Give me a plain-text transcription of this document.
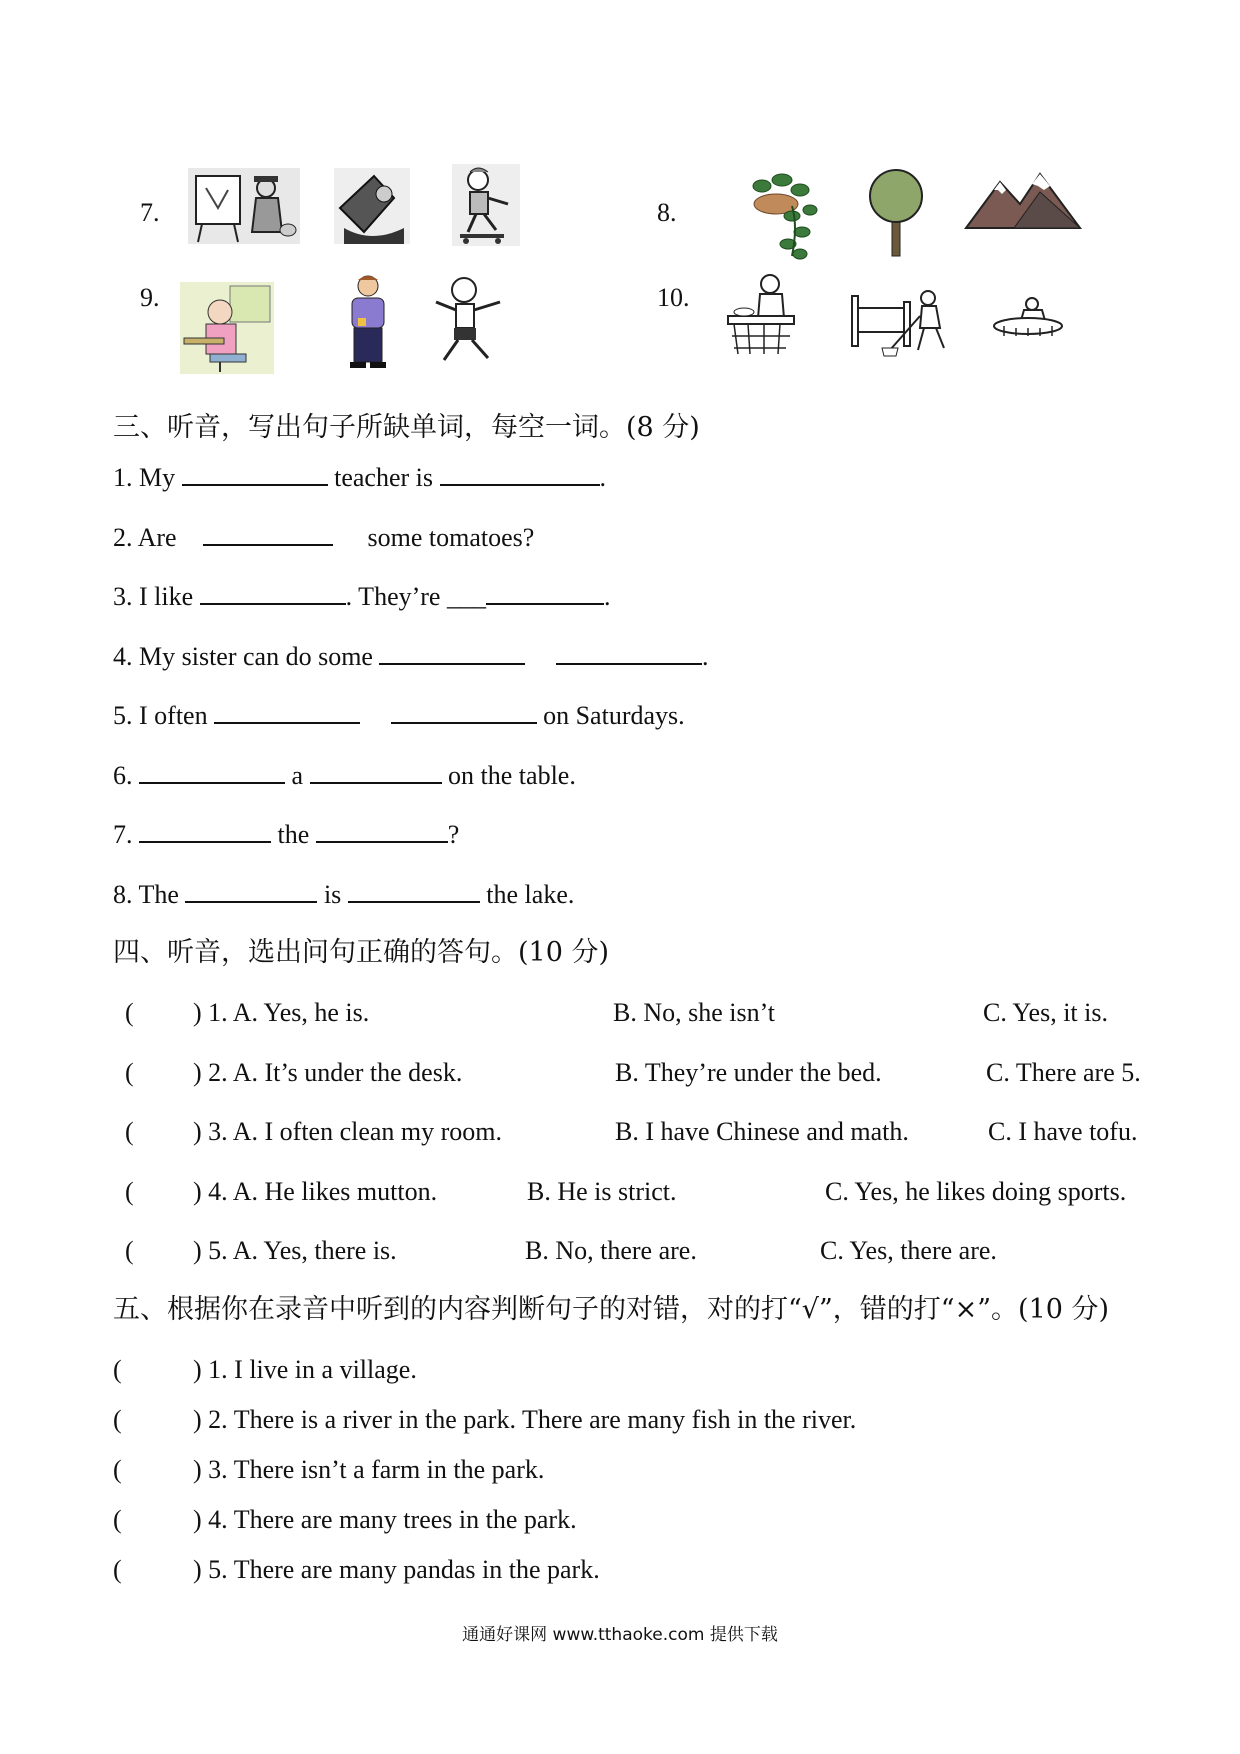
7.	8.
9.	10.
三、听音，写出句子所缺单词，每空一词。(8 分)
1. My	teacher is	.
2. Are	some tomatoes?
3. I like	. They’re ___	.
4. My sister can do some	.
5. I often	on Saturdays.
6.	a	on the table.
7.	the	?
8. The	is	the lake.
四、听音，选出问句正确的答句。(10 分)
( ) 1. A. Yes, he is.	B. No, she isn’t	C. Yes, it is.
( ) 2. A. It’s under the desk.	B. They’re under the bed.	C. There are 5.
( ) 3. A. I often clean my room.	B. I have Chinese and math.	C. I have tofu.
( ) 4. A. He likes mutton.	B. He is strict.	C. Yes, he likes doing sports.
( ) 5. A. Yes, there is.	B. No, there are.	C. Yes, there are.
五、根据你在录音中听到的内容判断句子的对错，对的打“√”，错的打“×”。(10 分)
(	) 1. I live in a village.
(	) 2. There is a river in the park. There are many fish in the river.
(	) 3. There isn’t a farm in the park.
(	) 4. There are many trees in the park.
(	) 5. There are many pandas in the park.
通通好课网 www.tthaoke.com 提供下载
